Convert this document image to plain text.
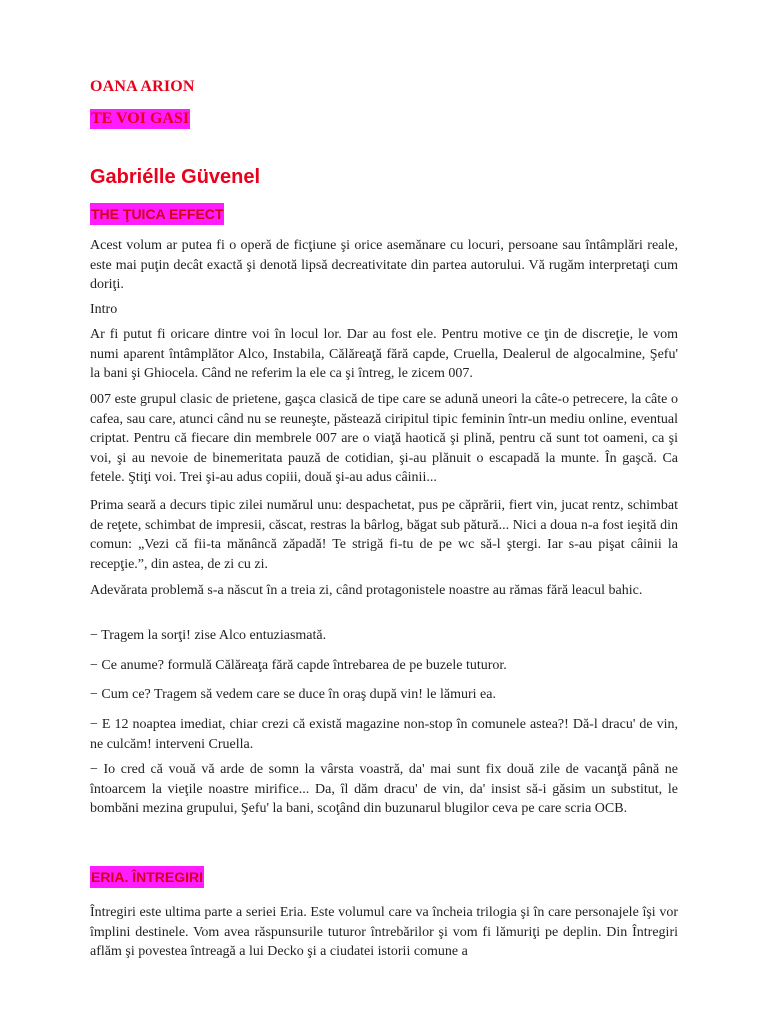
OANA ARION
TE VOI GASI
Gabriélle Güvenel
THE ŢUICA EFFECT

Acest volum ar putea fi o operă de ficţiune şi orice asemănare cu locuri, persoane sau întâmplări reale, este mai puţin decât exactă şi denotă lipsă decreativitate din partea autorului. Vă rugăm interpretaţi cum doriţi.

Intro

Ar fi putut fi oricare dintre voi în locul lor. Dar au fost ele. Pentru motive ce ţin de discreţie, le vom numi aparent întâmplător Alco, Instabila, Călăreaţă fără capde, Cruella, Dealerul de algocalmine, Şefu' la bani şi Ghiocela. Când ne referim la ele ca şi întreg, le zicem 007.

007 este grupul clasic de prietene, gaşca clasică de tipe care se adună uneori la câte-o petrecere, la câte o cafea, sau care, atunci când nu se reuneşte, păstează ciripitul tipic feminin într-un mediu online, eventual criptat. Pentru că fiecare din membrele 007 are o viaţă haotică şi plină, pentru că sunt tot oameni, ca şi voi, şi au nevoie de binemeritata pauză de cotidian, şi-au plănuit o escapadă la munte. În gaşcă. Ca fetele. Ştiţi voi. Trei şi-au adus copiii, două şi-au adus câinii...

Prima seară a decurs tipic zilei numărul unu: despachetat, pus pe căprării, fiert vin, jucat rentz, schimbat de reţete, schimbat de impresii, căscat, restras la bârlog, băgat sub pătură... Nici a doua n-a fost ieşită din comun: „Vezi că fii-ta mănâncă zăpadă! Te strigă fi-tu de pe wc să-l ştergi. Iar s-au pişat câinii la recepţie.”, din astea, de zi cu zi.

Adevărata problemă s-a născut în a treia zi, când protagonistele noastre au rămas fără leacul bahic.

− Tragem la sorţi! zise Alco entuziasmată.

− Ce anume? formulă Călăreaţa fără capde întrebarea de pe buzele tuturor.

− Cum ce? Tragem să vedem care se duce în oraş după vin! le lămuri ea.

− E 12 noaptea imediat, chiar crezi că există magazine non-stop în comunele astea?! Dă-l dracu' de vin, ne culcăm! interveni Cruella.

− Io cred că vouă vă arde de somn la vârsta voastră, da' mai sunt fix două zile de vacanţă până ne întoarcem la vieţile noastre mirifice... Da, îl dăm dracu' de vin, da' insist să-i găsim un substitut, le bombăni mezina grupului, Şefu' la bani, scoţând din buzunarul blugilor ceva pe care scria OCB.

ERIA. ÎNTREGIRI

Întregiri este ultima parte a seriei Eria. Este volumul care va încheia trilogia şi în care personajele îşi vor împlini destinele. Vom avea răspunsurile tuturor întrebărilor şi vom fi lămuriţi pe deplin. Din Întregiri aflăm şi povestea întreagă a lui Decko şi a ciudatei istorii comune a
